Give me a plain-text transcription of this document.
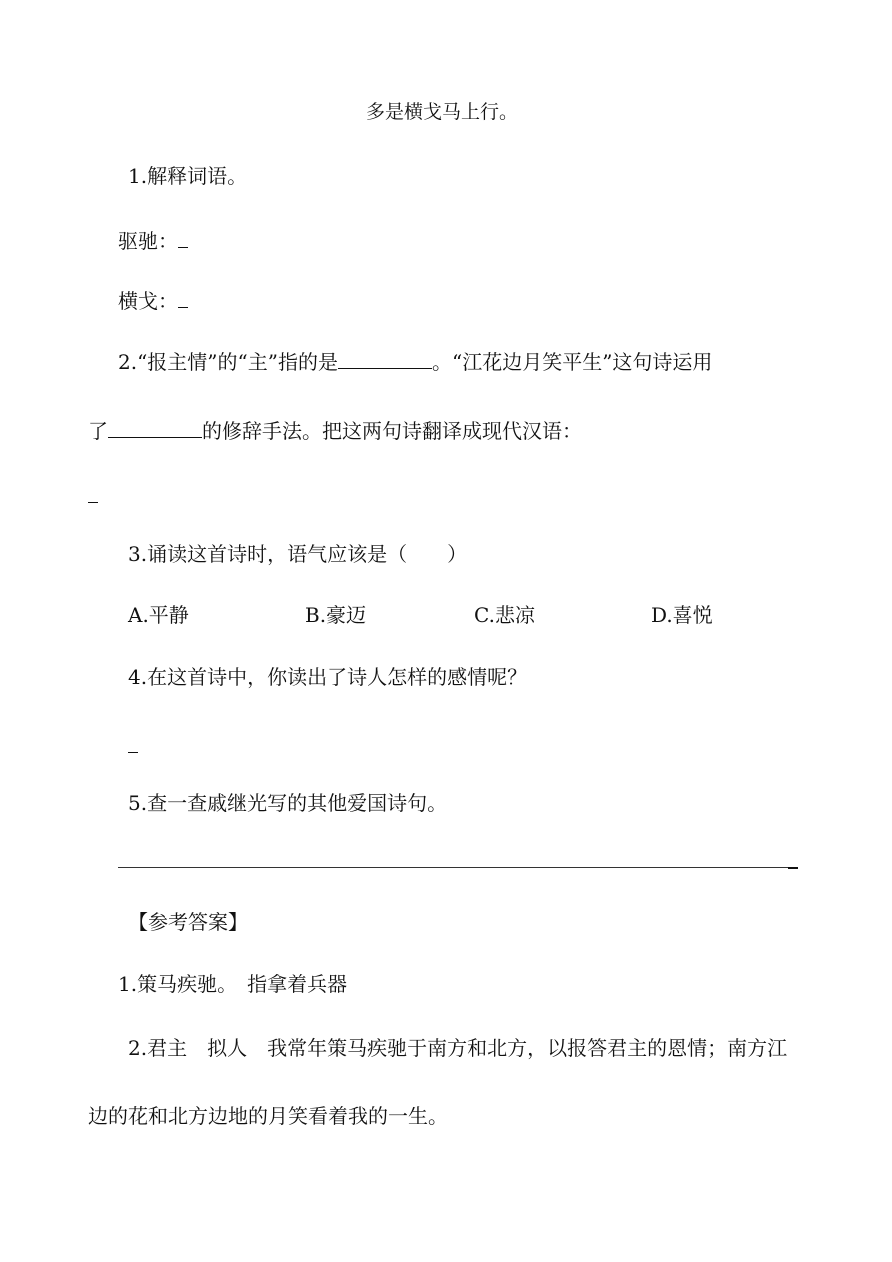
多是横戈马上行。
1.解释词语。
驱驰：
横戈：
2.“报主情”的“主”指的是	。“江花边月笑平生”这句诗运用
了	的修辞手法。把这两句诗翻译成现代汉语：
3.诵读这首诗时，语气应该是（　　）
A.平静	B.豪迈	C.悲凉	D.喜悦
4.在这首诗中，你读出了诗人怎样的感情呢？
5.查一查戚继光写的其他爱国诗句。
【参考答案】
1.策马疾驰。　指拿着兵器
2.君主　拟人　我常年策马疾驰于南方和北方，以报答君主的恩情；南方江
边的花和北方边地的月笑看着我的一生。
